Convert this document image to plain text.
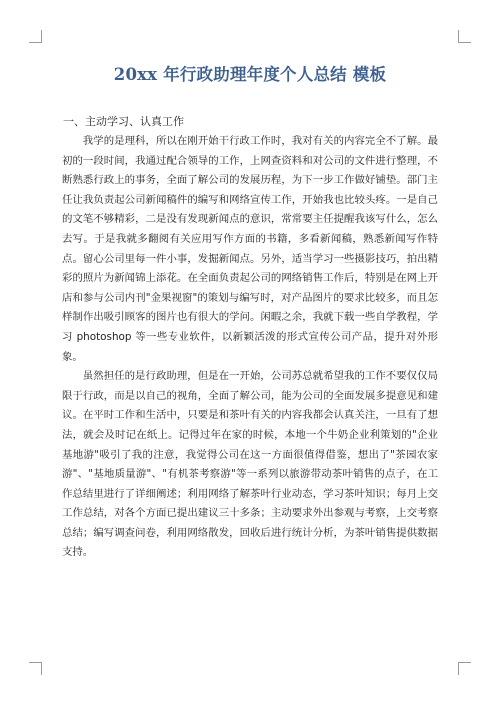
20xx 年行政助理年度个人总结 模板
一、主动学习、认真工作

我学的是理科，所以在刚开始干行政工作时，我对有关的内容完全不了解。最初的一段时间，我通过配合领导的工作，上网查资料和对公司的文件进行整理，不断熟悉行政上的事务，全面了解公司的发展历程，为下一步工作做好铺垫。部门主任让我负责起公司新闻稿件的编写和网络宣传工作，开始我也比较头疼。一是自己的文笔不够精彩，二是没有发现新闻点的意识，常常要主任提醒我该写什么，怎么去写。于是我就多翻阅有关应用写作方面的书籍，多看新闻稿，熟悉新闻写作特点。留心公司里每一件小事，发掘新闻点。另外，适当学习一些摄影技巧，拍出精彩的照片为新闻锦上添花。在全面负责起公司的网络销售工作后，特别是在网上开店和参与公司内刊"金果视窗"的策划与编写时，对产品图片的要求比较多，而且怎样制作出吸引顾客的图片也有很大的学问。闲暇之余，我就下载一些自学教程，学习 photoshop 等一些专业软件，以新颖活泼的形式宣传公司产品，提升对外形象。

虽然担任的是行政助理，但是在一开始，公司苏总就希望我的工作不要仅仅局限于行政，而是以自己的视角，全面了解公司，能为公司的全面发展多提意见和建议。在平时工作和生活中，只要是和茶叶有关的内容我都会认真关注，一旦有了想法，就会及时记在纸上。记得过年在家的时候，本地一个牛奶企业利策划的"企业基地游"吸引了我的注意，我觉得公司在这一方面很值得借鉴，想出了"茶园农家游"、"基地质量游"、"有机茶考察游"等一系列以旅游带动茶叶销售的点子，在工作总结里进行了详细阐述；利用网络了解茶叶行业动态，学习茶叶知识；每月上交工作总结，对各个方面已提出建议三十多条；主动要求外出参观与考察，上交考察总结；编写调查问卷，利用网络散发，回收后进行统计分析，为茶叶销售提供数据支持。
